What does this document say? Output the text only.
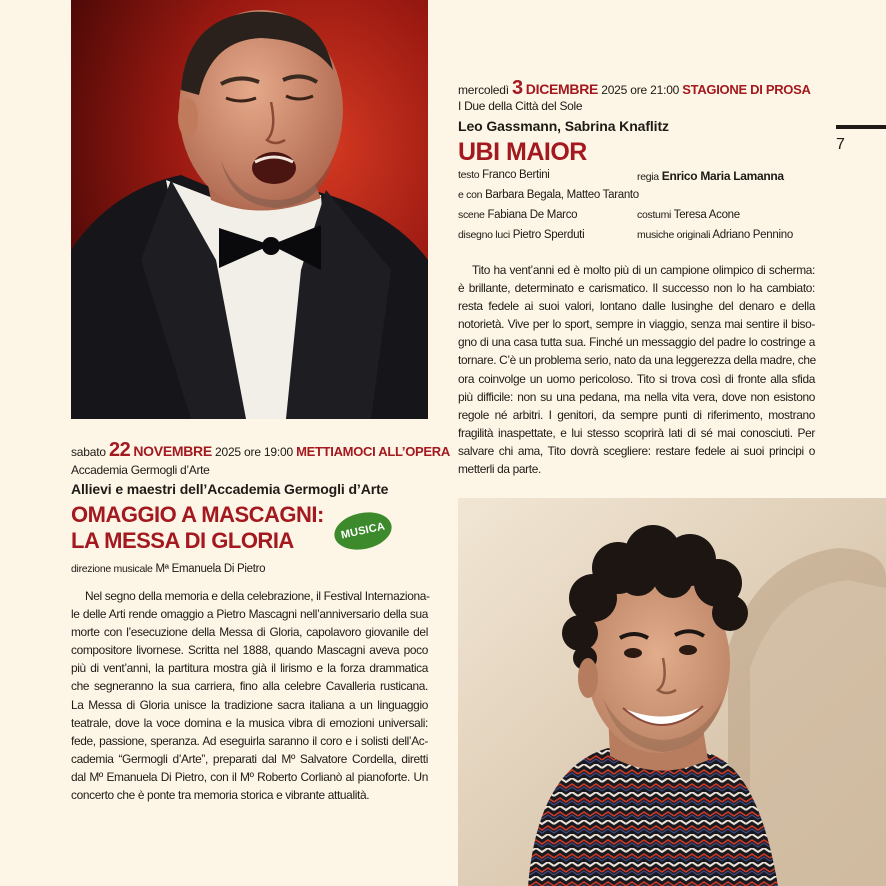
sabato 22 NOVEMBRE 2025 ore 19:00 METTIAMOCI ALL’OPERA
Accademia Germogli d’Arte
Allievi e maestri dell’Accademia Germogli d’Arte
OMAGGIO A MASCAGNI:
LA MESSA DI GLORIA	MUSICA
direzione musicale Mª Emanuela Di Pietro
Nel segno della memoria e della celebrazione, il Festival Internaziona-
le delle Arti rende omaggio a Pietro Mascagni nell’anniversario della sua
morte con l’esecuzione della Messa di Gloria, capolavoro giovanile del
compositore livornese. Scritta nel 1888, quando Mascagni aveva poco
più di vent’anni, la partitura mostra già il lirismo e la forza drammatica
che segneranno la sua carriera, fino alla celebre Cavalleria rusticana.
La Messa di Gloria unisce la tradizione sacra italiana a un linguaggio
teatrale, dove la voce domina e la musica vibra di emozioni universali:
fede, passione, speranza. Ad eseguirla saranno il coro e i solisti dell’Ac-
cademia “Germogli d’Arte”, preparati dal Mº Salvatore Cordella, diretti
dal Mº Emanuela Di Pietro, con il Mº Roberto Corlianò al pianoforte. Un
concerto che è ponte tra memoria storica e vibrante attualità.
mercoledì 3 DICEMBRE 2025 ore 21:00 STAGIONE DI PROSA
I Due della Città del Sole
Leo Gassmann, Sabrina Knaflitz
UBI MAIOR
testo Franco Bertini	regia Enrico Maria Lamanna
e con Barbara Begala, Matteo Taranto
scene Fabiana De Marco	costumi Teresa Acone
disegno luci Pietro Sperduti	musiche originali Adriano Pennino
Tito ha vent’anni ed è molto più di un campione olimpico di scherma:
è brillante, determinato e carismatico. Il successo non lo ha cambiato:
resta fedele ai suoi valori, lontano dalle lusinghe del denaro e della
notorietà. Vive per lo sport, sempre in viaggio, senza mai sentire il biso-
gno di una casa tutta sua. Finché un messaggio del padre lo costringe a
tornare. C’è un problema serio, nato da una leggerezza della madre, che
ora coinvolge un uomo pericoloso. Tito si trova così di fronte alla sfida
più difficile: non su una pedana, ma nella vita vera, dove non esistono
regole né arbitri. I genitori, da sempre punti di riferimento, mostrano
fragilità inaspettate, e lui stesso scoprirà lati di sé mai conosciuti. Per
salvare chi ama, Tito dovrà scegliere: restare fedele ai suoi principi o
metterli da parte.
7
